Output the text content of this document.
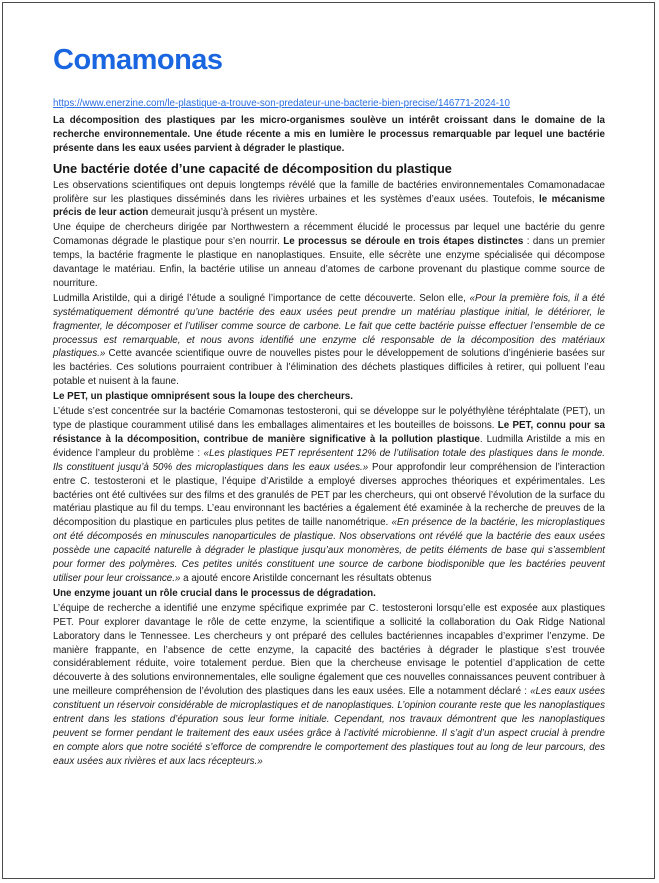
Comamonas
https://www.enerzine.com/le-plastique-a-trouve-son-predateur-une-bacterie-bien-precise/146771-2024-10

La décomposition des plastiques par les micro-organismes soulève un intérêt croissant dans le domaine de la recherche environnementale. Une étude récente a mis en lumière le processus remarquable par lequel une bactérie présente dans les eaux usées parvient à dégrader le plastique.

Une bactérie dotée d’une capacité de décomposition du plastique

Les observations scientifiques ont depuis longtemps révélé que la famille de bactéries environnementales Comamonadacae prolifère sur les plastiques disséminés dans les rivières urbaines et les systèmes d’eaux usées. Toutefois, le mécanisme précis de leur action demeurait jusqu’à présent un mystère.

Une équipe de chercheurs dirigée par Northwestern a récemment élucidé le processus par lequel une bactérie du genre Comamonas dégrade le plastique pour s’en nourrir. Le processus se déroule en trois étapes distinctes : dans un premier temps, la bactérie fragmente le plastique en nanoplastiques. Ensuite, elle sécrète une enzyme spécialisée qui décompose davantage le matériau. Enfin, la bactérie utilise un anneau d’atomes de carbone provenant du plastique comme source de nourriture.

Ludmilla Aristilde, qui a dirigé l’étude a souligné l’importance de cette découverte. Selon elle, «Pour la première fois, il a été systématiquement démontré qu’une bactérie des eaux usées peut prendre un matériau plastique initial, le détériorer, le fragmenter, le décomposer et l’utiliser comme source de carbone. Le fait que cette bactérie puisse effectuer l’ensemble de ce processus est remarquable, et nous avons identifié une enzyme clé responsable de la décomposition des matériaux plastiques.» Cette avancée scientifique ouvre de nouvelles pistes pour le développement de solutions d’ingénierie basées sur les bactéries. Ces solutions pourraient contribuer à l’élimination des déchets plastiques difficiles à retirer, qui polluent l’eau potable et nuisent à la faune.

Le PET, un plastique omniprésent sous la loupe des chercheurs.

L’étude s’est concentrée sur la bactérie Comamonas testosteroni, qui se développe sur le polyéthylène téréphtalate (PET), un type de plastique couramment utilisé dans les emballages alimentaires et les bouteilles de boissons. Le PET, connu pour sa résistance à la décomposition, contribue de manière significative à la pollution plastique. Ludmilla Aristilde a mis en évidence l’ampleur du problème : «Les plastiques PET représentent 12% de l’utilisation totale des plastiques dans le monde. Ils constituent jusqu’à 50% des microplastiques dans les eaux usées.» Pour approfondir leur compréhension de l’interaction entre C. testosteroni et le plastique, l’équipe d’Aristilde a employé diverses approches théoriques et expérimentales. Les bactéries ont été cultivées sur des films et des granulés de PET par les chercheurs, qui ont observé l’évolution de la surface du matériau plastique au fil du temps. L’eau environnant les bactéries a également été examinée à la recherche de preuves de la décomposition du plastique en particules plus petites de taille nanométrique. «En présence de la bactérie, les microplastiques ont été décomposés en minuscules nanoparticules de plastique. Nos observations ont révélé que la bactérie des eaux usées possède une capacité naturelle à dégrader le plastique jusqu’aux monomères, de petits éléments de base qui s’assemblent pour former des polymères. Ces petites unités constituent une source de carbone biodisponible que les bactéries peuvent utiliser pour leur croissance.» a ajouté encore Aristilde concernant les résultats obtenus

Une enzyme jouant un rôle crucial dans le processus de dégradation.

L’équipe de recherche a identifié une enzyme spécifique exprimée par C. testosteroni lorsqu’elle est exposée aux plastiques PET. Pour explorer davantage le rôle de cette enzyme, la scientifique a sollicité la collaboration du Oak Ridge National Laboratory dans le Tennessee. Les chercheurs y ont préparé des cellules bactériennes incapables d’exprimer l’enzyme. De manière frappante, en l’absence de cette enzyme, la capacité des bactéries à dégrader le plastique s’est trouvée considérablement réduite, voire totalement perdue. Bien que la chercheuse envisage le potentiel d’application de cette découverte à des solutions environnementales, elle souligne également que ces nouvelles connaissances peuvent contribuer à une meilleure compréhension de l’évolution des plastiques dans les eaux usées. Elle a notamment déclaré : «Les eaux usées constituent un réservoir considérable de microplastiques et de nanoplastiques. L’opinion courante reste que les nanoplastiques entrent dans les stations d’épuration sous leur forme initiale. Cependant, nos travaux démontrent que les nanoplastiques peuvent se former pendant le traitement des eaux usées grâce à l’activité microbienne. Il s’agit d’un aspect crucial à prendre en compte alors que notre société s’efforce de comprendre le comportement des plastiques tout au long de leur parcours, des eaux usées aux rivières et aux lacs récepteurs.»
